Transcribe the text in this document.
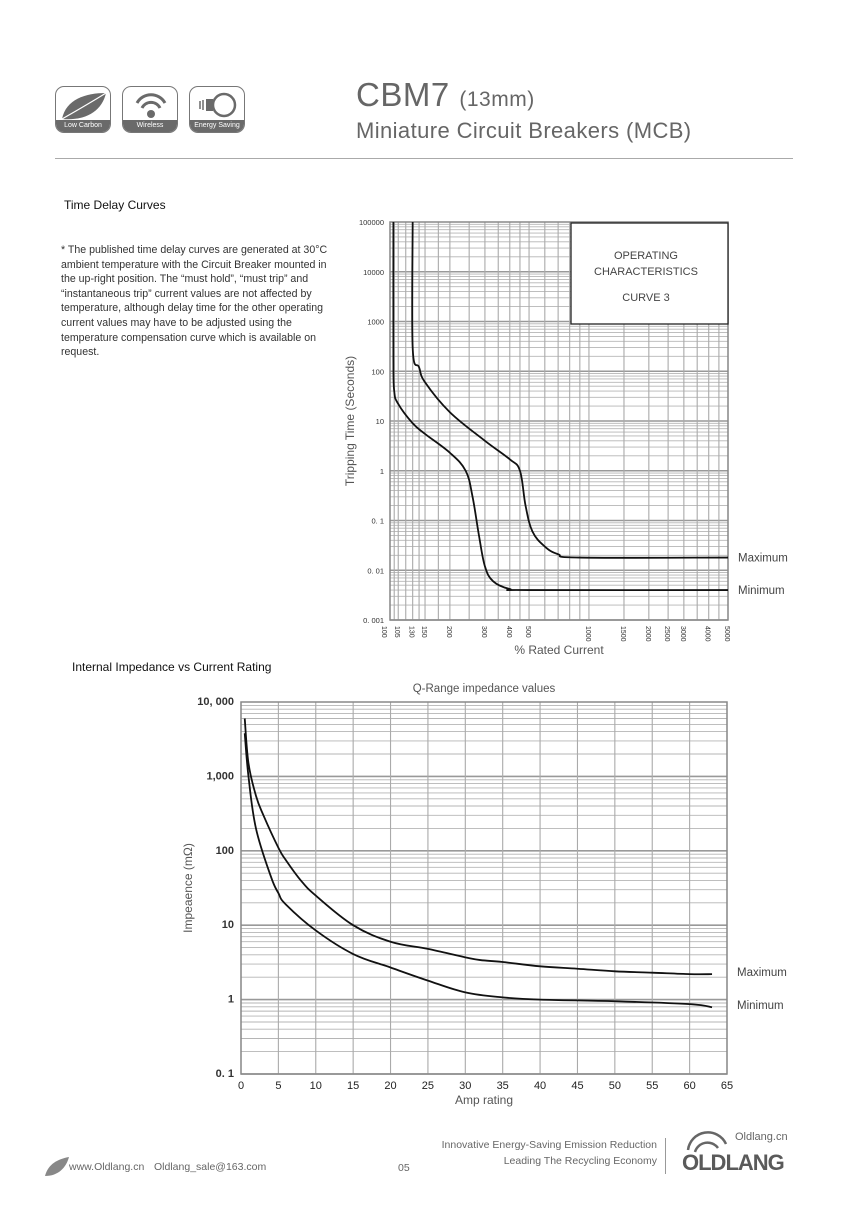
Low Carbon	Wireless	Energy Saving
CBM7 (13mm)
Miniature Circuit Breakers (MCB)
Time Delay Curves
* The published time delay curves are generated at 30°C ambient temperature with the Circuit Breaker mounted in the up-right position. The “must hold”, “must trip” and “instantaneous trip” current values are not affected by temperature, although delay time for the other operating current values may have to be adjusted using the temperature compensation curve which is available on request.
100000
10000
1000
100
10
1
0. 1
0. 01
0. 001
100 105 130 150	200	300	400 500	1000	1500	2000 2500 3000	4000 5000
Maximum
Minimum
% Rated Current
Tripping Time (Seconds)
OPERATING
CHARACTERISTICS
CURVE 3
Internal Impedance vs Current Rating
10, 000
1,000
100
10
1
0. 1
0	5	10 15 20 25 30 35 40 45 50 55 60 65
Maximum
Minimum
Amp rating
Impeaence (mΩ)
Q-Range impedance values
www.Oldlang.cn Oldlang_sale@163.com	05
Innovative Energy-Saving Emission Reduction
Leading The Recycling Economy OLDLANG
Oldlang.cn
